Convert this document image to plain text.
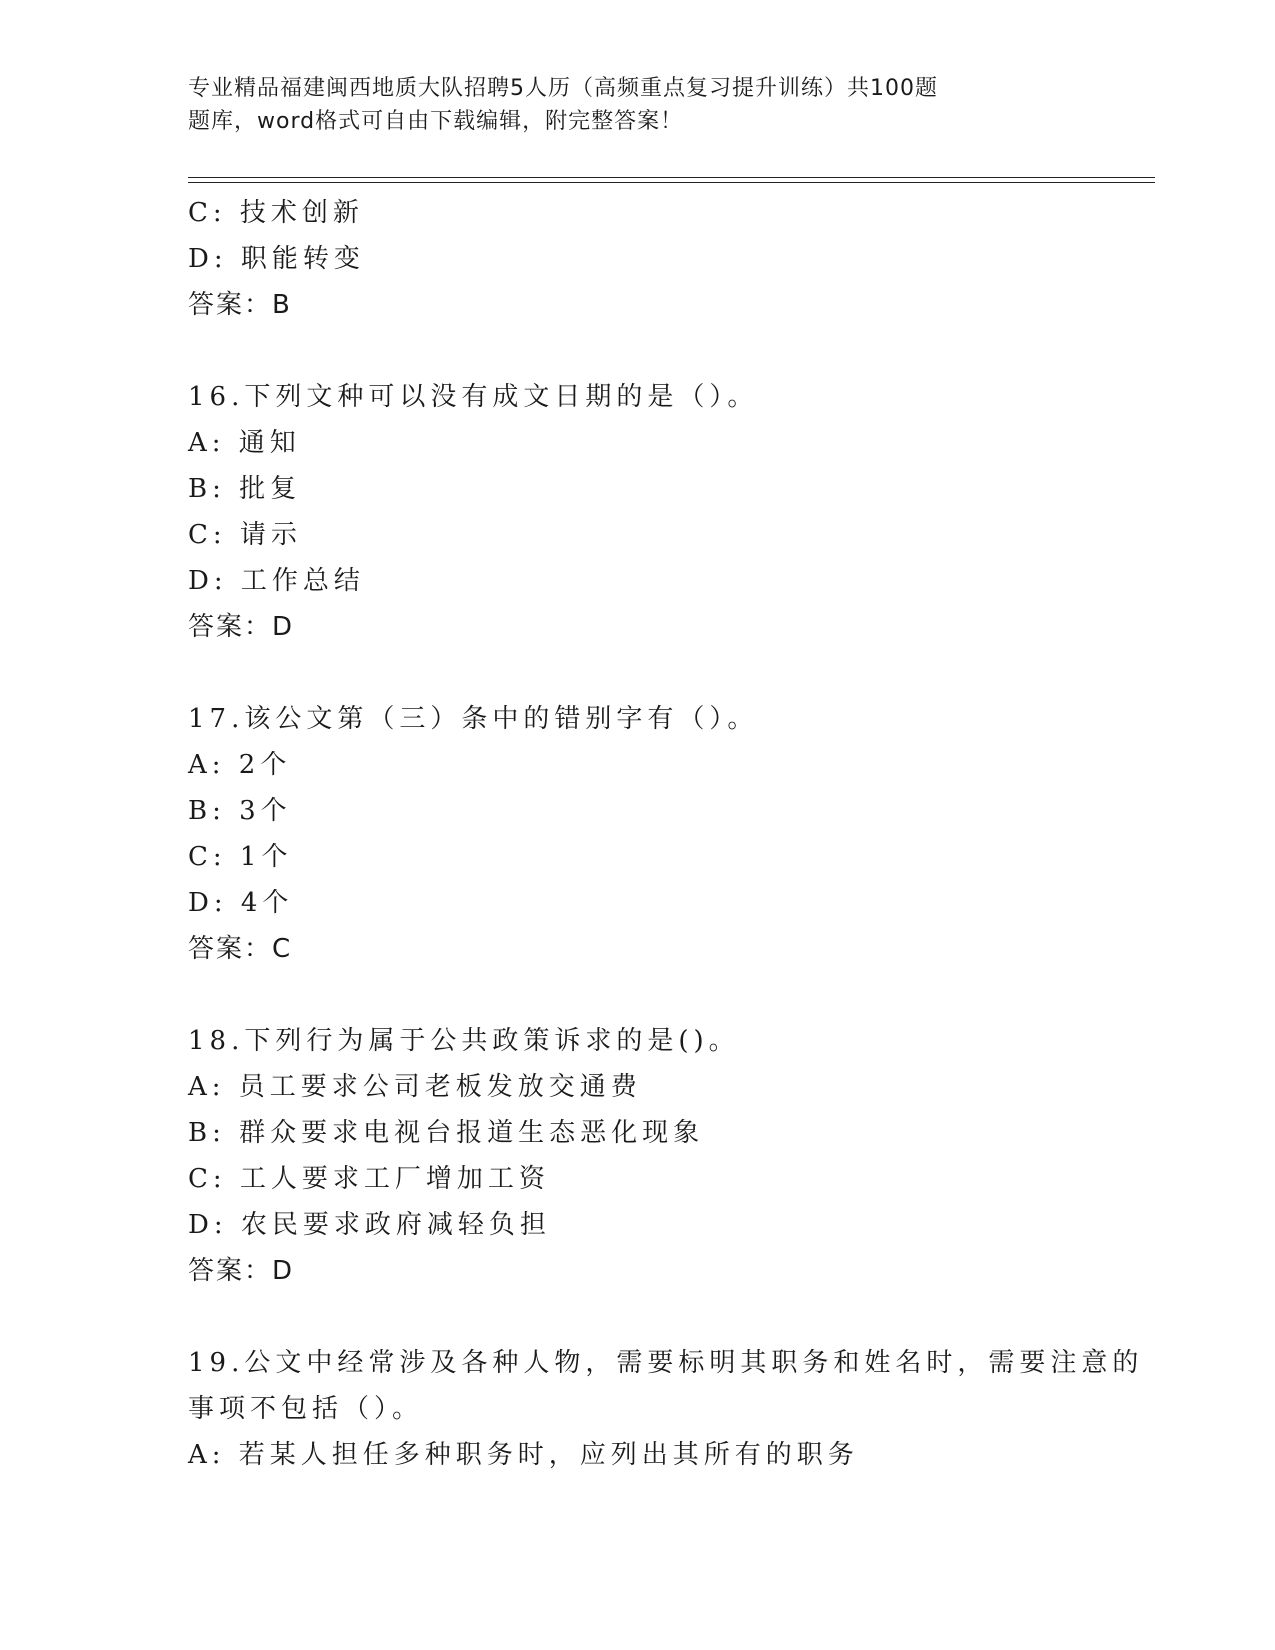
专业精品福建闽西地质大队招聘5人历（高频重点复习提升训练）共100题
题库，word格式可自由下载编辑，附完整答案！
C: 技术创新
D: 职能转变
答案：B
16.下列文种可以没有成文日期的是（）。
A: 通知
B: 批复
C: 请示
D: 工作总结
答案：D
17.该公文第（三）条中的错别字有（）。
A: 2个
B: 3个
C: 1个
D: 4个
答案：C
18.下列行为属于公共政策诉求的是()。
A: 员工要求公司老板发放交通费
B: 群众要求电视台报道生态恶化现象
C: 工人要求工厂增加工资
D: 农民要求政府减轻负担
答案：D
19.公文中经常涉及各种人物，需要标明其职务和姓名时，需要注意的
事项不包括（）。
A: 若某人担任多种职务时，应列出其所有的职务
